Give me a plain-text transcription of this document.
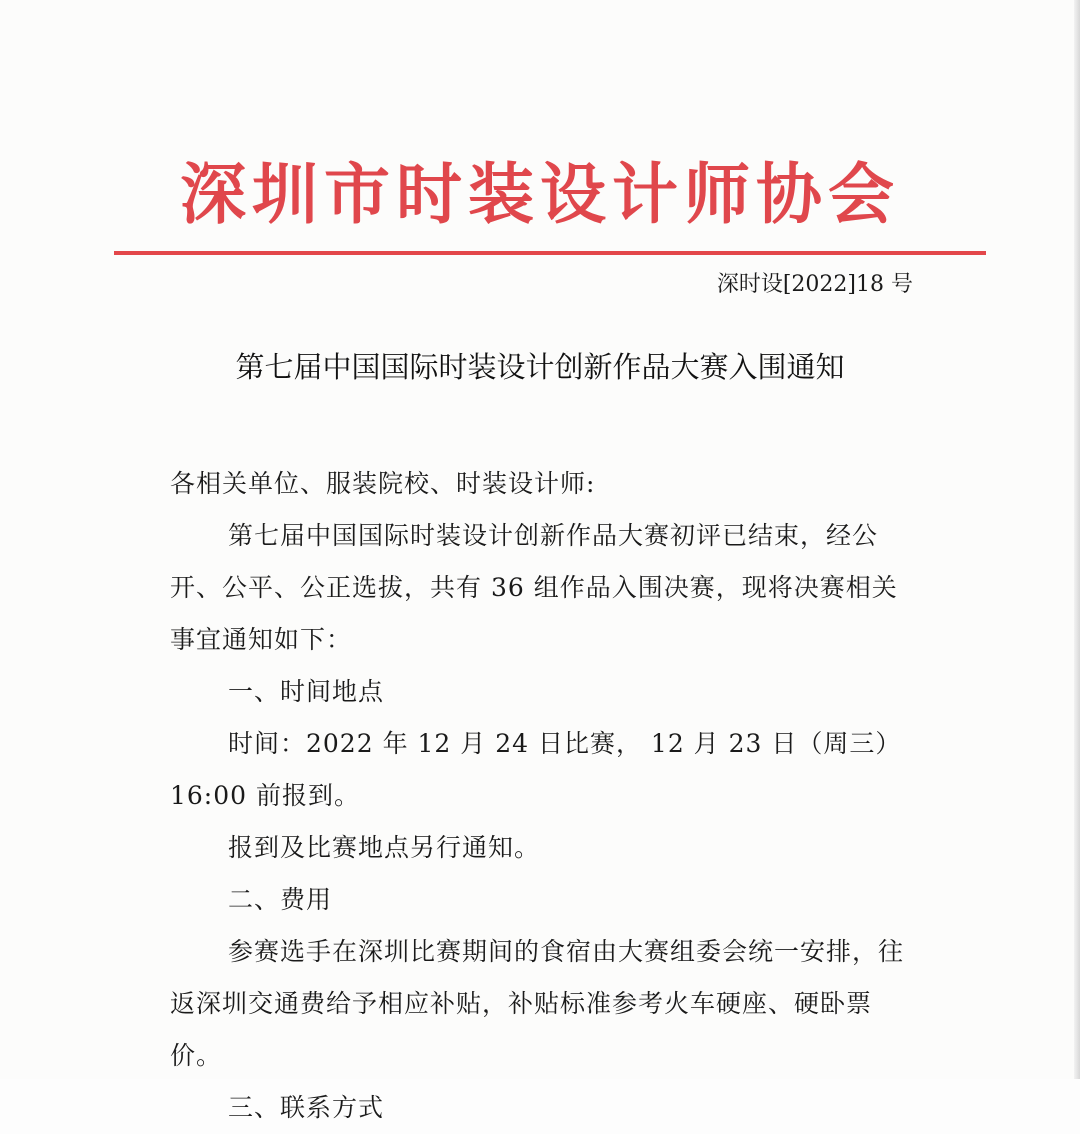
深圳市时装设计师协会
深时设[2022]18 号
第七届中国国际时装设计创新作品大赛入围通知

各相关单位、服装院校、时装设计师:

第七届中国国际时装设计创新作品大赛初评已结束，经公开、公平、公正选拔，共有 36 组作品入围决赛，现将决赛相关事宜通知如下：

一、时间地点

时间：2022 年 12 月 24 日比赛， 12 月 23 日（周三）16:00 前报到。

报到及比赛地点另行通知。

二、费用

参赛选手在深圳比赛期间的食宿由大赛组委会统一安排，往返深圳交通费给予相应补贴，补贴标准参考火车硬座、硬卧票价。

三、联系方式
